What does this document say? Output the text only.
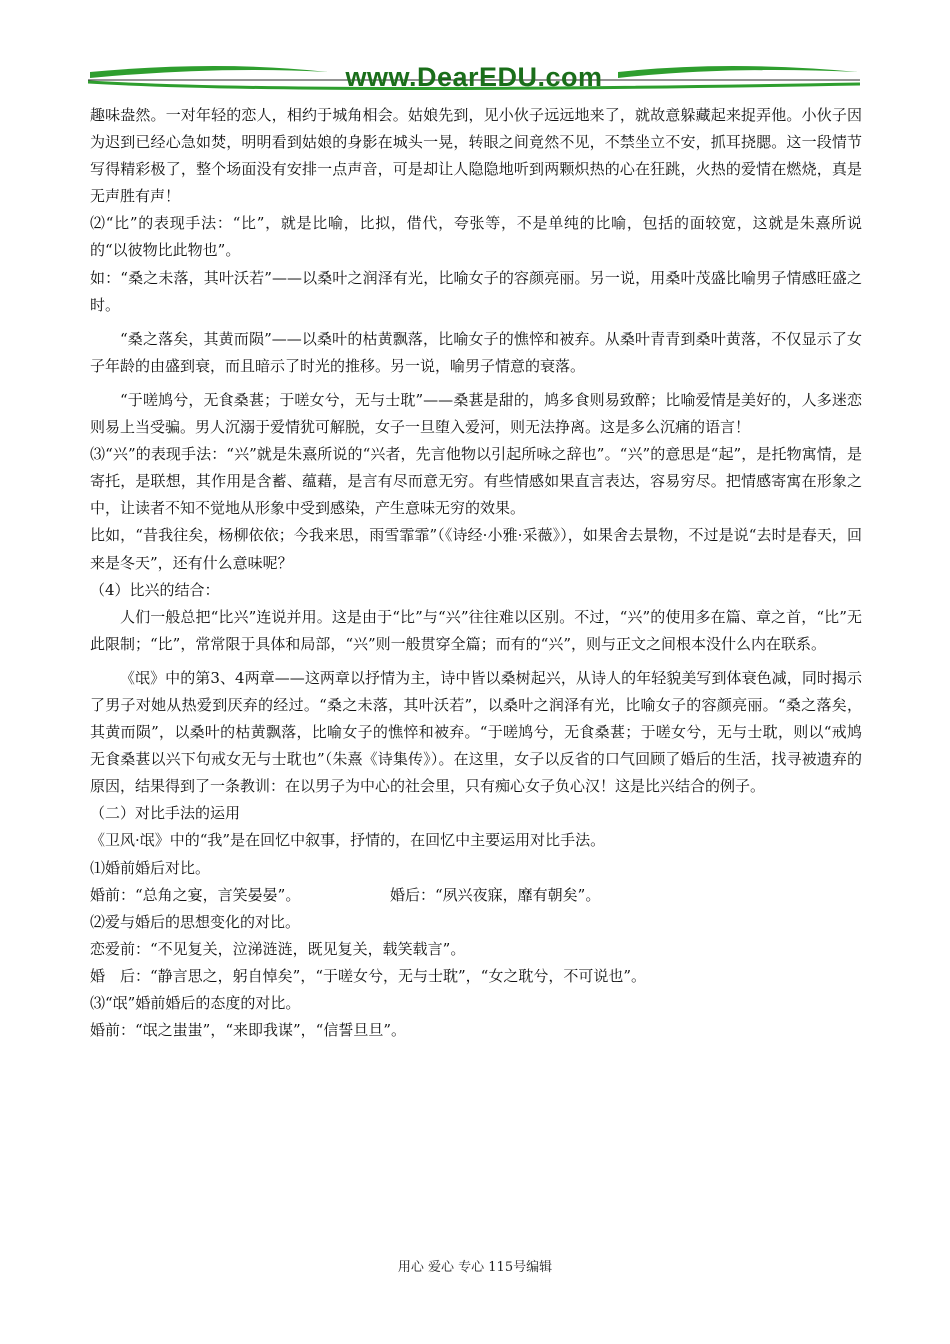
www.DearEDU.com

趣味盎然。一对年轻的恋人，相约于城角相会。姑娘先到，见小伙子远远地来了，就故意躲藏起来捉弄他。小伙子因为迟到已经心急如焚，明明看到姑娘的身影在城头一晃，转眼之间竟然不见，不禁坐立不安，抓耳挠腮。这一段情节写得精彩极了，整个场面没有安排一点声音，可是却让人隐隐地听到两颗炽热的心在狂跳，火热的爱情在燃烧，真是无声胜有声！

⑵“比”的表现手法：“比”，就是比喻，比拟，借代，夸张等，不是单纯的比喻，包括的面较宽，这就是朱熹所说的“以彼物比此物也”。

如：“桑之未落，其叶沃若”——以桑叶之润泽有光，比喻女子的容颜亮丽。另一说，用桑叶茂盛比喻男子情感旺盛之时。

“桑之落矣，其黄而陨”——以桑叶的枯黄飘落，比喻女子的憔悴和被弃。从桑叶青青到桑叶黄落，不仅显示了女子年龄的由盛到衰，而且暗示了时光的推移。另一说，喻男子情意的衰落。

“于嗟鸠兮，无食桑葚；于嗟女兮，无与士耽”——桑葚是甜的，鸠多食则易致醉；比喻爱情是美好的，人多迷恋则易上当受骗。男人沉溺于爱情犹可解脱，女子一旦堕入爱河，则无法挣离。这是多么沉痛的语言！

⑶“兴”的表现手法：“兴”就是朱熹所说的“兴者，先言他物以引起所咏之辞也”。“兴”的意思是“起”，是托物寓情，是寄托，是联想，其作用是含蓄、蕴藉，是言有尽而意无穷。有些情感如果直言表达，容易穷尽。把情感寄寓在形象之中，让读者不知不觉地从形象中受到感染，产生意味无穷的效果。

比如，“昔我往矣，杨柳依依；今我来思，雨雪霏霏”（《诗经·小雅·采薇》），如果舍去景物，不过是说“去时是春天，回来是冬天”，还有什么意味呢？

（4）比兴的结合：

人们一般总把“比兴”连说并用。这是由于“比”与“兴”往往难以区别。不过，“兴”的使用多在篇、章之首，“比”无此限制；“比”，常常限于具体和局部，“兴”则一般贯穿全篇；而有的“兴”，则与正文之间根本没什么内在联系。

《氓》中的第3、4两章——这两章以抒情为主，诗中皆以桑树起兴，从诗人的年轻貌美写到体衰色减，同时揭示了男子对她从热爱到厌弃的经过。“桑之未落，其叶沃若”，以桑叶之润泽有光，比喻女子的容颜亮丽。“桑之落矣，其黄而陨”，以桑叶的枯黄飘落，比喻女子的憔悴和被弃。“于嗟鸠兮，无食桑葚；于嗟女兮，无与士耽，则以“戒鸠无食桑葚以兴下句戒女无与士耽也”（朱熹《诗集传》）。在这里，女子以反省的口气回顾了婚后的生活，找寻被遗弃的原因，结果得到了一条教训：在以男子为中心的社会里，只有痴心女子负心汉！这是比兴结合的例子。

（二）对比手法的运用

《卫风·氓》中的“我”是在回忆中叙事，抒情的，在回忆中主要运用对比手法。

⑴婚前婚后对比。

婚前：“总角之宴，言笑晏晏”。	婚后：“夙兴夜寐，靡有朝矣”。

⑵爱与婚后的思想变化的对比。

恋爱前：“不见复关，泣涕涟涟，既见复关，载笑载言”。

婚　后：“静言思之，躬自悼矣”，“于嗟女兮，无与士耽”，“女之耽兮，不可说也”。

⑶“氓”婚前婚后的态度的对比。

婚前：“氓之蚩蚩”，“来即我谋”，“信誓旦旦”。

用心 爱心 专心 115号编辑
